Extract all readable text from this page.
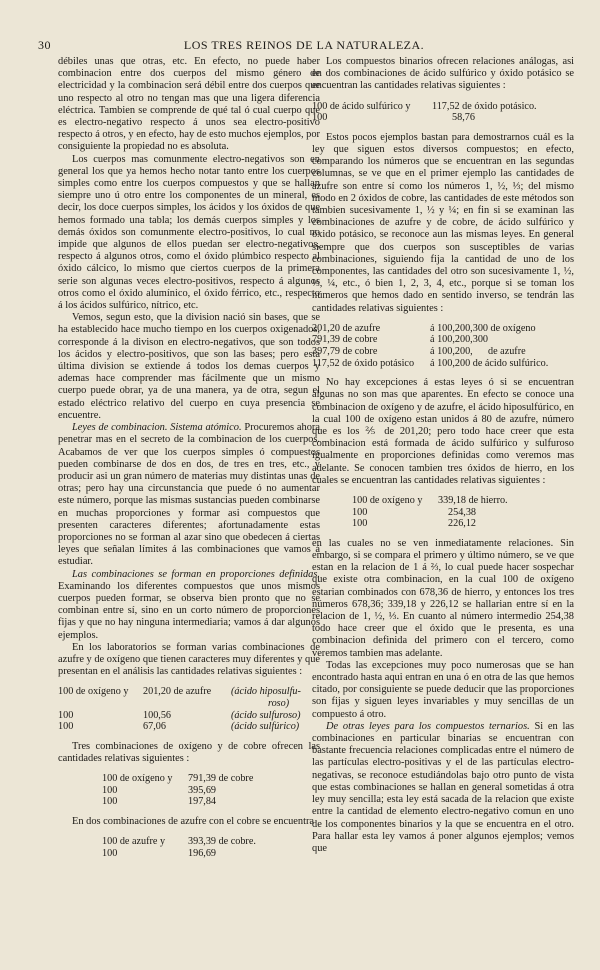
30	LOS TRES REINOS DE LA NATURALEZA.

débiles unas que otras, etc. En efecto, no puede haber combinacion entre dos cuerpos del mismo género de electricidad y la combinacion será débil entre dos cuerpos que uno respecto al otro no tengan mas que una ligera diferencia eléctrica. Tambien se comprende de qué tal ó cual cuerpo que es electro-negativo respecto á unos sea electro-positivo respecto á otros, y en efecto, hay de esto muchos ejemplos, por consiguiente la propiedad no es absoluta.

Los cuerpos mas comunmente electro-negativos son en general los que ya hemos hecho notar tanto entre los cuerpos simples como entre los cuerpos compuestos y que se hallan siempre uno ú otro entre los componentes de un mineral, es decir, los doce cuerpos simples, los ácidos y los óxidos de que hemos formado una tabla; los demás cuerpos simples y los demás óxidos son comunmente electro-positivos, lo cual no impide que algunos de ellos puedan ser electro-negativos, respecto á algunos otros, como el óxido plúmbico respecto al óxido cálcico, lo mismo que ciertos cuerpos de la primera serie son algunas veces electro-positivos, respecto á algunos otros como el óxido alumínico, el óxido férrico, etc., respecto á los ácidos sulfúrico, nítrico, etc.

Vemos, segun esto, que la division nació sin bases, que se ha establecido hace mucho tiempo en los cuerpos oxigenados, corresponde á la divison en electro-negativos, que son todos los ácidos y electro-positivos, que son las bases; pero esta última division se extiende á todos los demas cuerpos y ademas hace comprender mas fácilmente que un mismo cuerpo puede obrar, ya de una manera, ya de otra, segun el estado eléctrico relativo del cuerpo en cuya presencia se encuentre.

Leyes de combinacion. Sistema atómico. Procuremos ahora penetrar mas en el secreto de la combinacion de los cuerpos. Acabamos de ver que los cuerpos simples ó compuestos pueden combinarse de dos en dos, de tres en tres, etc., y producir asi un gran número de materias muy distintas unas de otras; pero hay una circunstancia que puede ó no aumentar este número, porque las mismas sustancias pueden combinarse en muchas proporciones y formar asi compuestos que presenten caracteres diferentes; afortunadamente estas proporciones no se forman al azar sino que obedecen á ciertas leyes que señalan límites á las combinaciones que vamos á estudiar.

Las combinaciones se forman en proporciones definidas. Examinando los diferentes compuestos que unos mismos cuerpos pueden formar, se observa bien pronto que no se combinan entre sí, sino en un corto número de proporciones fijas y que no hay ninguna intermediaria; vamos á dar algunos ejemplos.

En los laboratorios se forman varias combinaciones de azufre y de oxígeno que tienen caracteres muy diferentes y que presentan en el análisis las cantidades relativas siguientes :

100 de oxígeno y	201,20 de azufre	(ácido hiposulfu-
roso)
100	100,56	(ácido sulfuroso)
100	67,06	(ácido sulfúrico)

Tres combinaciones de oxígeno y de cobre ofrecen las cantidades relativas siguientes :

100 de oxígeno y	791,39 de cobre
100	395,69
100	197,84

En dos combinaciones de azufre con el cobre se encuentra

100 de azufre y	393,39 de cobre.
100	196,69

Los compuestos binarios ofrecen relaciones análogas, asi en dos combinaciones de ácido sulfúrico y óxido potásico se encuentran las cantidades relativas siguientes :

100 de ácido sulfúrico y	117,52 de óxido potásico.
100	58,76

Estos pocos ejemplos bastan para demostrarnos cuál es la ley que siguen estos diversos compuestos; en efecto, comparando los números que se encuentran en las segundas columnas, se ve que en el primer ejemplo las cantidades de azufre son entre sí como los números 1, ½, ⅓; del mismo modo en 2 óxidos de cobre, las cantidades de este métodos son tambien sucesivamente 1, ½ y ¼; en fin si se examinan las combinaciones de azufre y de cobre, de ácido sulfúrico y óxido potásico, se reconoce aun las mismas leyes. En general siempre que dos cuerpos son susceptibles de varias combinaciones, siguiendo fija la cantidad de uno de los componentes, las cantidades del otro son sucesivamente 1, ½, ⅓, ¼, etc., ó bien 1, 2, 3, 4, etc., porque si se toman los números que hemos dado en sentido inverso, se tendrán las cantidades relativas siguientes :

201,20 de azufre	á 100,200,300 de oxígeno
791,39 de cobre	á 100,200,300
397,79 de cobre	á 100,200,      de azufre
117,52 de óxido potásico	á 100,200 de ácido sulfúrico.

No hay excepciones á estas leyes ó si se encuentran algunas no son mas que aparentes. En efecto se conoce una combinacion de oxígeno y de azufre, el ácido hiposulfúrico, en la cual 100 de oxígeno estan unidos á 80 de azufre, número que es los ⅖ de 201,20; pero todo hace creer que esta combinacion está formada de ácido sulfúrico y sulfuroso igualmente en proporciones definidas como veremos mas adelante. Se conocen tambien tres óxidos de hierro, en los cuales se encuentran las cantidades relativas siguientes :

100 de oxígeno y	339,18 de hierro.
100	254,38
100	226,12

en las cuales no se ven inmediatamente relaciones. Sin embargo, si se compara el primero y último número, se ve que estan en la relacion de 1 á ⅔, lo cual puede hacer sospechar que existe otra combinacion, en la cual 100 de oxígeno estarian combinados con 678,36 de hierro, y entonces los tres números 678,36; 339,18 y 226,12 se hallarian entre sí en la relacion de 1, ½, ⅓. En cuanto al número intermedio 254,38 todo hace creer que el óxido que le presenta, es una combinacion definida del primero con el tercero, como veremos tambien mas adelante.

Todas las excepciones muy poco numerosas que se han encontrado hasta aqui entran en una ó en otra de las que hemos citado, por consiguiente se puede deducir que las proporciones son fijas y siguen leyes invariables y muy sencillas de un compuesto á otro.

De otras leyes para los compuestos ternarios. Si en las combinaciones en particular binarias se encuentran con bastante frecuencia relaciones complicadas entre el número de las partículas electro-positivas y el de las partículas electro-negativas, se reconoce estudiándolas bajo otro punto de vista que estas combinaciones se hallan en general sometidas á otra ley muy sencilla; esta ley está sacada de la relacion que existe entre la cantidad de elemento electro-negativo comun en uno de los componentes binarios y la que se encuentra en el otro. Para hallar esta ley vamos á poner algunos ejemplos; vemos que
